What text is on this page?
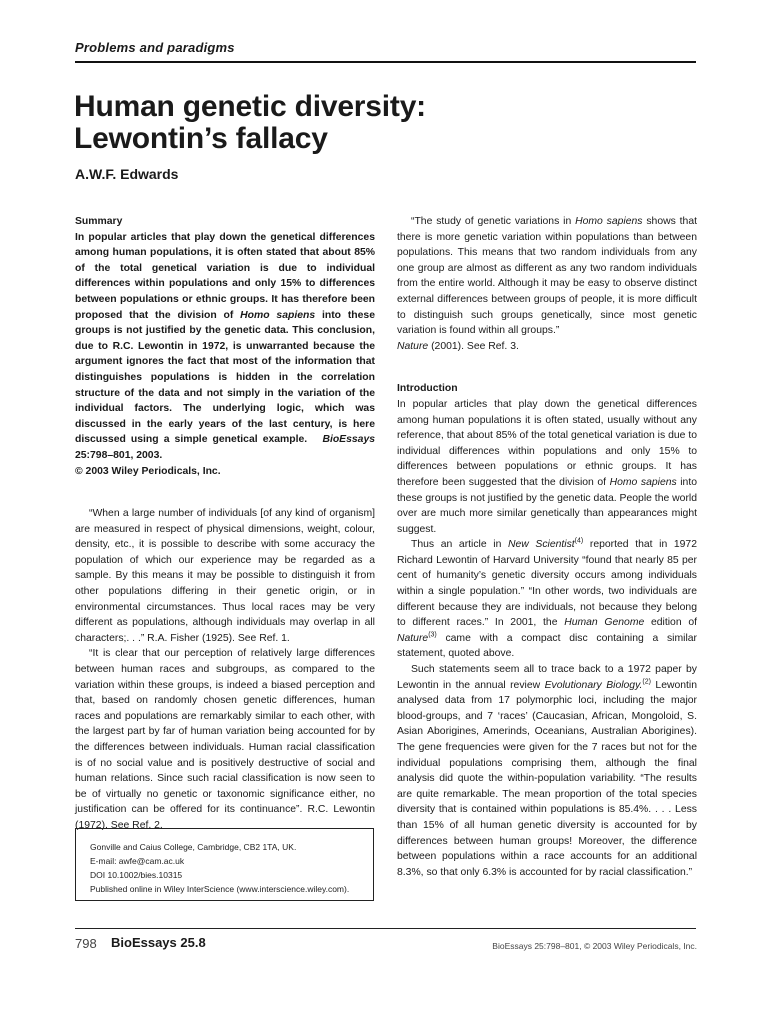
Problems and paradigms
Human genetic diversity:
Lewontin’s fallacy
A.W.F. Edwards

Summary

In popular articles that play down the genetical differences among human populations, it is often stated that about 85% of the total genetical variation is due to individual differences within populations and only 15% to differences between populations or ethnic groups. It has therefore been proposed that the division of Homo sapiens into these groups is not justified by the genetic data. This conclusion, due to R.C. Lewontin in 1972, is unwarranted because the argument ignores the fact that most of the information that distinguishes populations is hidden in the correlation structure of the data and not simply in the variation of the individual factors. The underlying logic, which was discussed in the early years of the last century, is here discussed using a simple genetical example. BioEssays 25:798–801, 2003.
© 2003 Wiley Periodicals, Inc.

“When a large number of individuals [of any kind of organism] are measured in respect of physical dimensions, weight, colour, density, etc., it is possible to describe with some accuracy the population of which our experience may be regarded as a sample. By this means it may be possible to distinguish it from other populations differing in their genetic origin, or in environmental circumstances. Thus local races may be very different as populations, although individuals may overlap in all characters;. . .” R.A. Fisher (1925). See Ref. 1.

“It is clear that our perception of relatively large differences between human races and subgroups, as compared to the variation within these groups, is indeed a biased perception and that, based on randomly chosen genetic differences, human races and populations are remarkably similar to each other, with the largest part by far of human variation being accounted for by the differences between individuals. Human racial classification is of no social value and is positively destructive of social and human relations. Since such racial classification is now seen to be of virtually no genetic or taxonomic significance either, no justification can be offered for its continuance”. R.C. Lewontin (1972). See Ref. 2.

Gonville and Caius College, Cambridge, CB2 1TA, UK.
E-mail: awfe@cam.ac.uk
DOI 10.1002/bies.10315
Published online in Wiley InterScience (www.interscience.wiley.com).

“The study of genetic variations in Homo sapiens shows that there is more genetic variation within populations than between populations. This means that two random individuals from any one group are almost as different as any two random individuals from the entire world. Although it may be easy to observe distinct external differences between groups of people, it is more difficult to distinguish such groups genetically, since most genetic variation is found within all groups.”
Nature (2001). See Ref. 3.

Introduction

In popular articles that play down the genetical differences among human populations it is often stated, usually without any reference, that about 85% of the total genetical variation is due to individual differences within populations and only 15% to differences between populations or ethnic groups. It has therefore been suggested that the division of Homo sapiens into these groups is not justified by the genetic data. People the world over are much more similar genetically than appearances might suggest.

Thus an article in New Scientist$^{(4)}$ reported that in 1972 Richard Lewontin of Harvard University “found that nearly 85 per cent of humanity’s genetic diversity occurs among individuals within a single population.” “In other words, two individuals are different because they are individuals, not because they belong to different races.” In 2001, the Human Genome edition of Nature$^{(3)}$ came with a compact disc containing a similar statement, quoted above.

Such statements seem all to trace back to a 1972 paper by Lewontin in the annual review Evolutionary Biology.$^{(2)}$ Lewontin analysed data from 17 polymorphic loci, including the major blood-groups, and 7 ‘races’ (Caucasian, African, Mongoloid, S. Asian Aborigines, Amerinds, Oceanians, Australian Aborigines). The gene frequencies were given for the 7 races but not for the individual populations comprising them, although the final analysis did quote the within-population variability. “The results are quite remarkable. The mean proportion of the total species diversity that is contained within populations is 85.4%. . . . Less than 15% of all human genetic diversity is accounted for by differences between human groups! Moreover, the difference between populations within a race accounts for an additional 8.3%, so that only 6.3% is accounted for by racial classification.”

798 BioEssays 25.8	BioEssays 25:798–801, © 2003 Wiley Periodicals, Inc.
